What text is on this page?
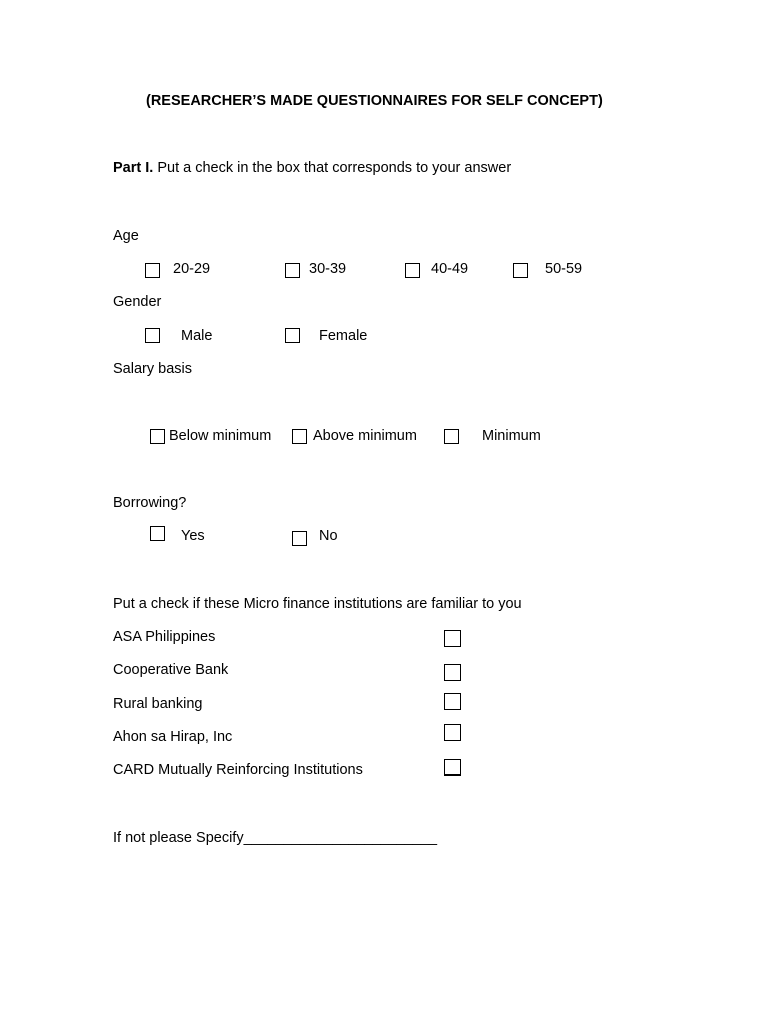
(RESEARCHER’S MADE QUESTIONNAIRES FOR SELF CONCEPT)
Part I. Put a check in the box that corresponds to your answer
Age
20-29	30-39	40-49	50-59
Gender
Male	Female
Salary basis
Below minimum	Above minimum	Minimum
Borrowing?
Yes	No
Put a check if these Micro finance institutions are familiar to you
ASA Philippines
Cooperative Bank
Rural banking
Ahon sa Hirap, Inc
CARD Mutually Reinforcing Institutions
If not please Specify________________________
